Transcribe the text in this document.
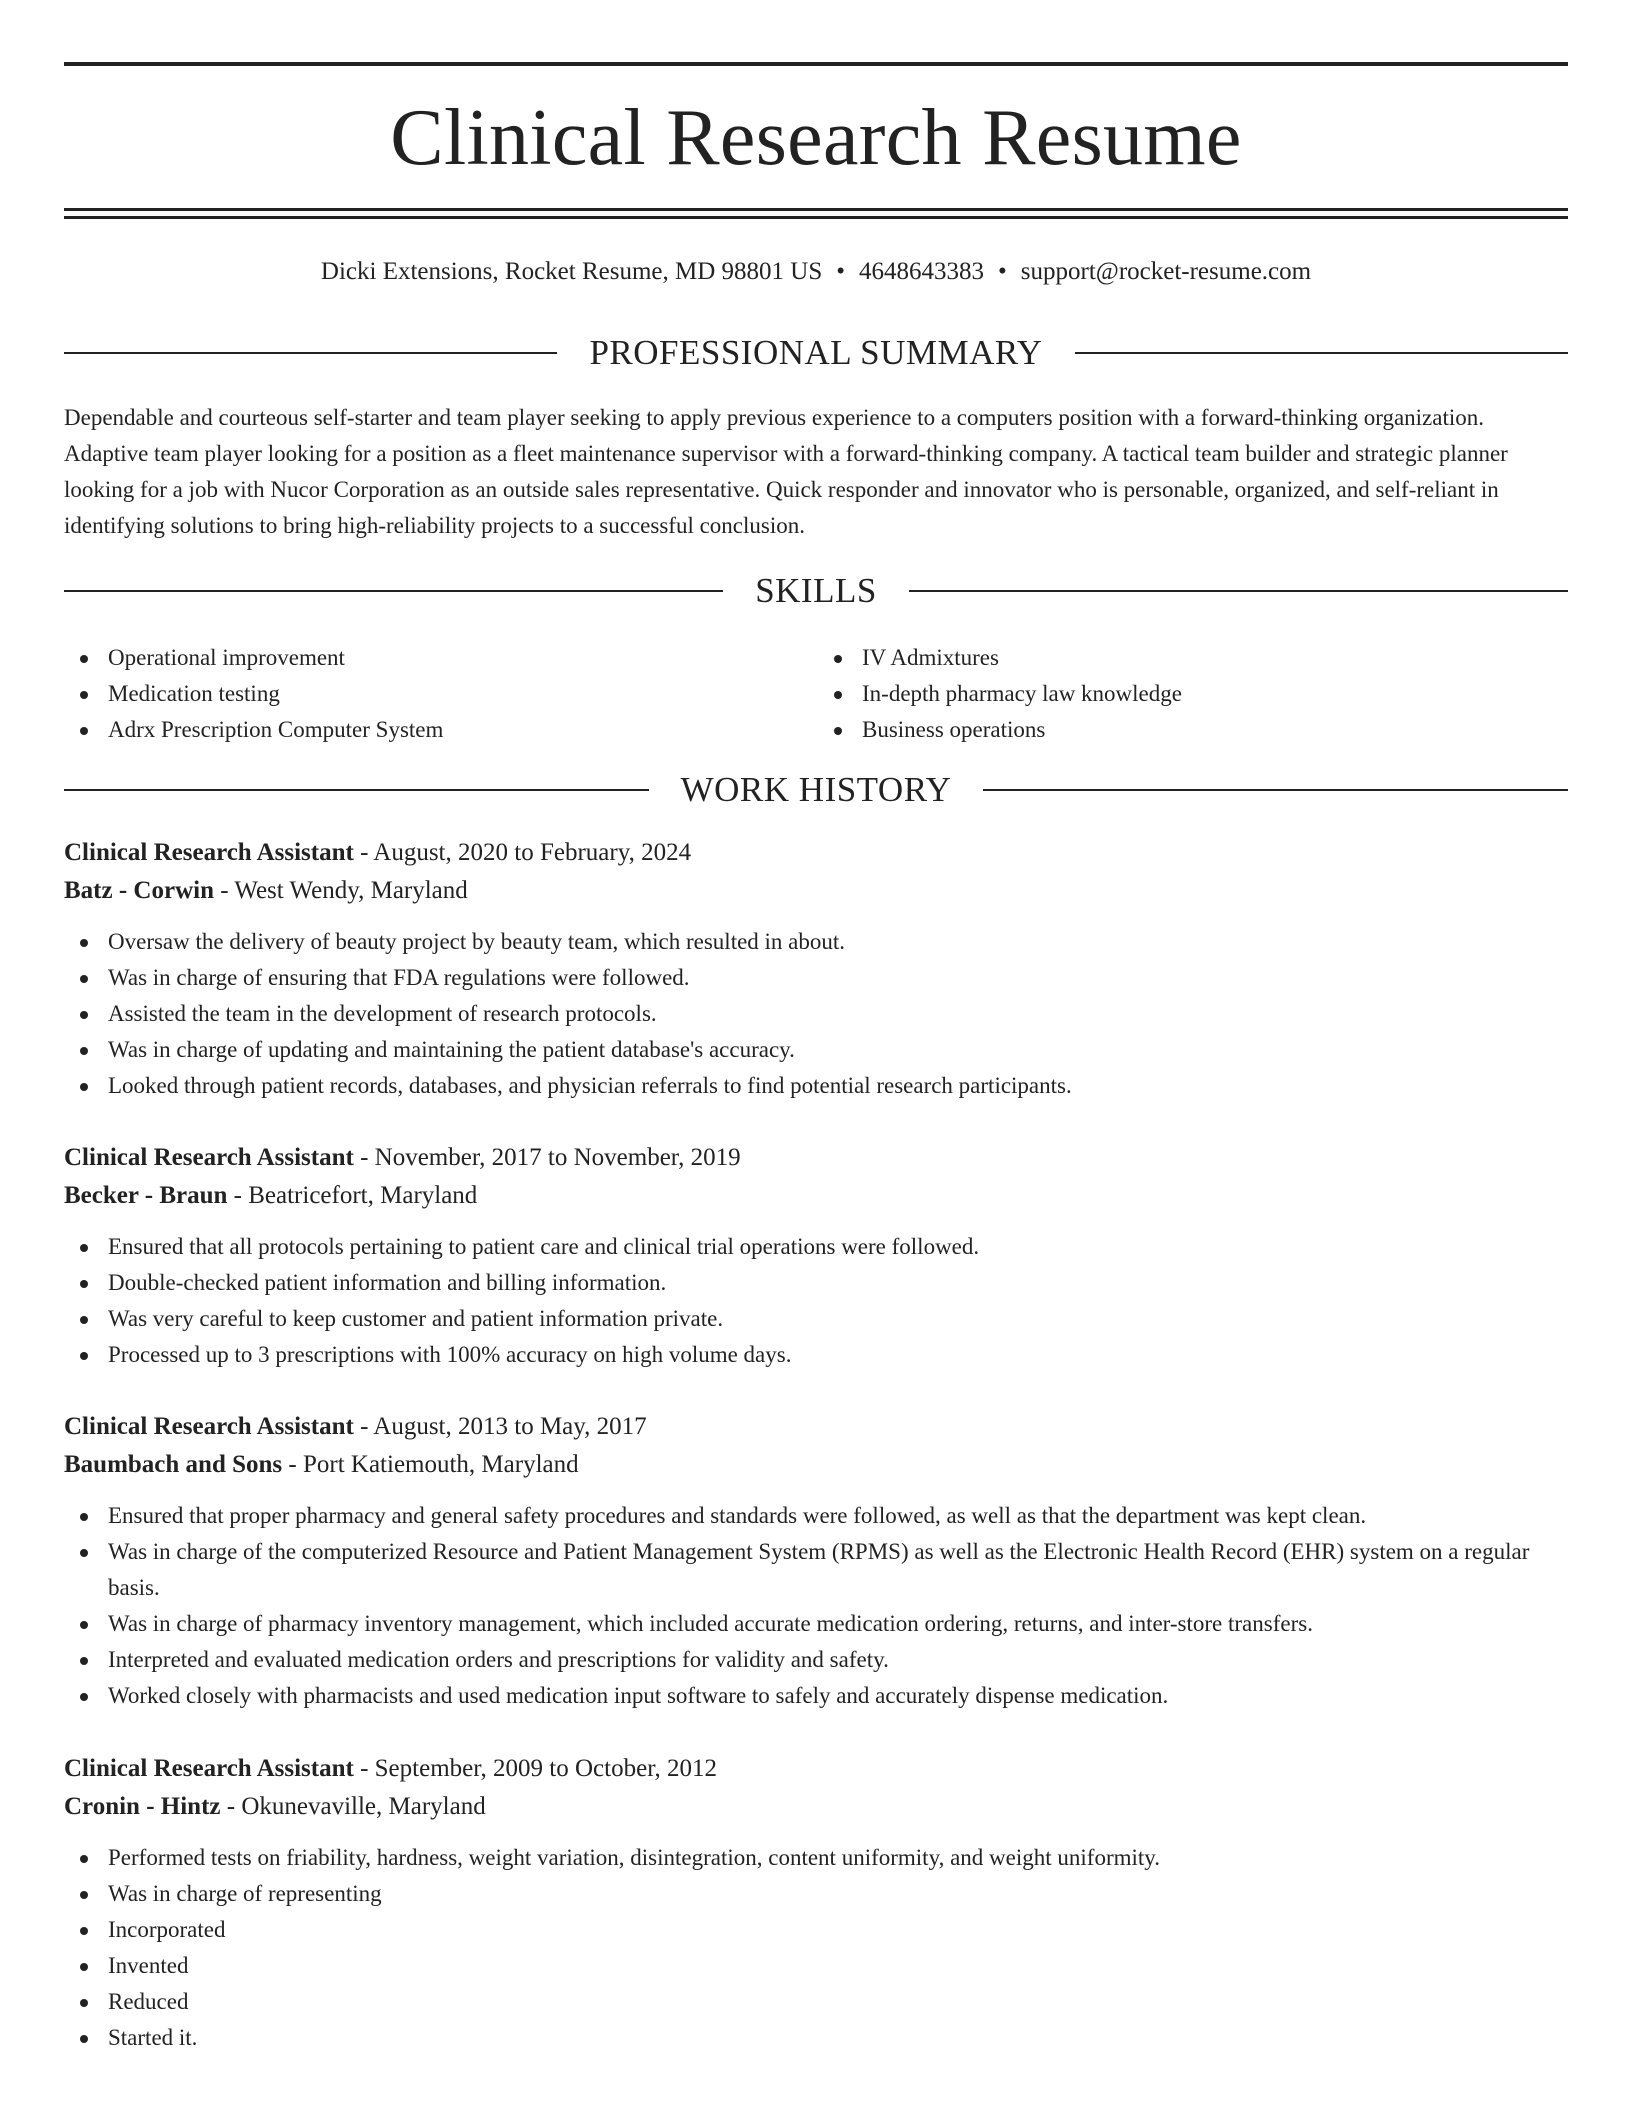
Clinical Research Resume
Dicki Extensions, Rocket Resume, MD 98801 US • 4648643383 • support@rocket-resume.com
PROFESSIONAL SUMMARY

Dependable and courteous self-starter and team player seeking to apply previous experience to a computers position with a forward-thinking organization. Adaptive team player looking for a position as a fleet maintenance supervisor with a forward-thinking company. A tactical team builder and strategic planner looking for a job with Nucor Corporation as an outside sales representative. Quick responder and innovator who is personable, organized, and self-reliant in identifying solutions to bring high-reliability projects to a successful conclusion.

SKILLS
Operational improvement
Medication testing
Adrx Prescription Computer System
IV Admixtures
In-depth pharmacy law knowledge
Business operations
WORK HISTORY
Clinical Research Assistant - August, 2020 to February, 2024
Batz - Corwin - West Wendy, Maryland
Oversaw the delivery of beauty project by beauty team, which resulted in about.
Was in charge of ensuring that FDA regulations were followed.
Assisted the team in the development of research protocols.
Was in charge of updating and maintaining the patient database's accuracy.
Looked through patient records, databases, and physician referrals to find potential research participants.
Clinical Research Assistant - November, 2017 to November, 2019
Becker - Braun - Beatricefort, Maryland
Ensured that all protocols pertaining to patient care and clinical trial operations were followed.
Double-checked patient information and billing information.
Was very careful to keep customer and patient information private.
Processed up to 3 prescriptions with 100% accuracy on high volume days.
Clinical Research Assistant - August, 2013 to May, 2017
Baumbach and Sons - Port Katiemouth, Maryland
Ensured that proper pharmacy and general safety procedures and standards were followed, as well as that the department was kept clean.
Was in charge of the computerized Resource and Patient Management System (RPMS) as well as the Electronic Health Record (EHR) system on a regular basis.
Was in charge of pharmacy inventory management, which included accurate medication ordering, returns, and inter-store transfers.
Interpreted and evaluated medication orders and prescriptions for validity and safety.
Worked closely with pharmacists and used medication input software to safely and accurately dispense medication.
Clinical Research Assistant - September, 2009 to October, 2012
Cronin - Hintz - Okunevaville, Maryland
Performed tests on friability, hardness, weight variation, disintegration, content uniformity, and weight uniformity.
Was in charge of representing
Incorporated
Invented
Reduced
Started it.
